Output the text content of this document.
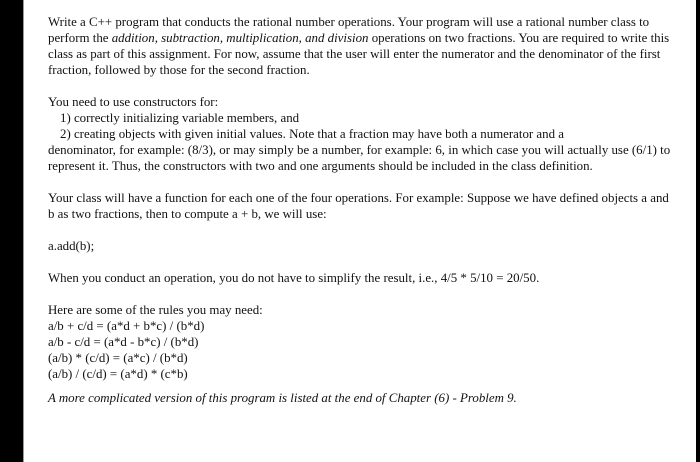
Write a C++ program that conducts the rational number operations. Your program will use a rational number class to perform the addition, subtraction, multiplication, and division operations on two fractions. You are required to write this class as part of this assignment. For now, assume that the user will enter the numerator and the denominator of the first fraction, followed by those for the second fraction.

You need to use constructors for:

1) correctly initializing variable members, and

2) creating objects with given initial values. Note that a fraction may have both a numerator and a

denominator, for example: (8/3), or may simply be a number, for example: 6, in which case you will actually use (6/1) to represent it. Thus, the constructors with two and one arguments should be included in the class definition.

Your class will have a function for each one of the four operations. For example: Suppose we have defined objects a and b as two fractions, then to compute a + b, we will use:

a.add(b);

When you conduct an operation, you do not have to simplify the result, i.e., 4/5 * 5/10 = 20/50.

Here are some of the rules you may need:

a/b + c/d = (a*d + b*c) / (b*d)

a/b - c/d = (a*d - b*c) / (b*d)

(a/b) * (c/d) = (a*c) / (b*d)

(a/b) / (c/d) = (a*d) * (c*b)

A more complicated version of this program is listed at the end of Chapter (6) - Problem 9.
